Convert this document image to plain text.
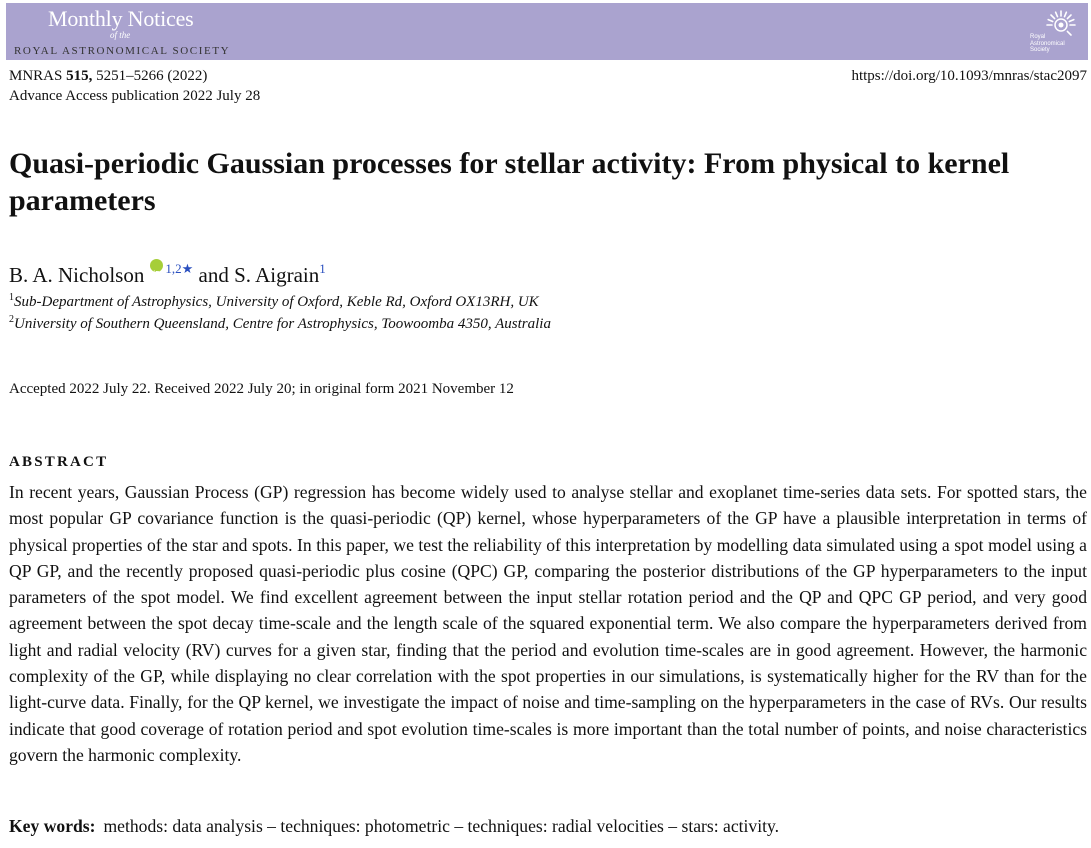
Monthly Notices
of the
ROYAL ASTRONOMICAL SOCIETY
Royal Astronomical Society
MNRAS 515, 5251–5266 (2022)
Advance Access publication 2022 July 28
https://doi.org/10.1093/mnras/stac2097
Quasi-periodic Gaussian processes for stellar activity: From physical to kernel parameters
B. A. Nicholson	iD $^{1,2★}$ and S. Aigrain$^1$
$^1$Sub-Department of Astrophysics, University of Oxford, Keble Rd, Oxford OX13RH, UK
$^2$University of Southern Queensland, Centre for Astrophysics, Toowoomba 4350, Australia
Accepted 2022 July 22. Received 2022 July 20; in original form 2021 November 12
ABSTRACT

In recent years, Gaussian Process (GP) regression has become widely used to analyse stellar and exoplanet time-series data sets. For spotted stars, the most popular GP covariance function is the quasi-periodic (QP) kernel, whose hyperparameters of the GP have a plausible interpretation in terms of physical properties of the star and spots. In this paper, we test the reliability of this interpretation by modelling data simulated using a spot model using a QP GP, and the recently proposed quasi-periodic plus cosine (QPC) GP, comparing the posterior distributions of the GP hyperparameters to the input parameters of the spot model. We find excellent agreement between the input stellar rotation period and the QP and QPC GP period, and very good agreement between the spot decay time-scale and the length scale of the squared exponential term. We also compare the hyperparameters derived from light and radial velocity (RV) curves for a given star, finding that the period and evolution time-scales are in good agreement. However, the harmonic complexity of the GP, while displaying no clear correlation with the spot properties in our simulations, is systematically higher for the RV than for the light-curve data. Finally, for the QP kernel, we investigate the impact of noise and time-sampling on the hyperparameters in the case of RVs. Our results indicate that good coverage of rotation period and spot evolution time-scales is more important than the total number of points, and noise characteristics govern the harmonic complexity.

Key words: methods: data analysis – techniques: photometric – techniques: radial velocities – stars: activity.
